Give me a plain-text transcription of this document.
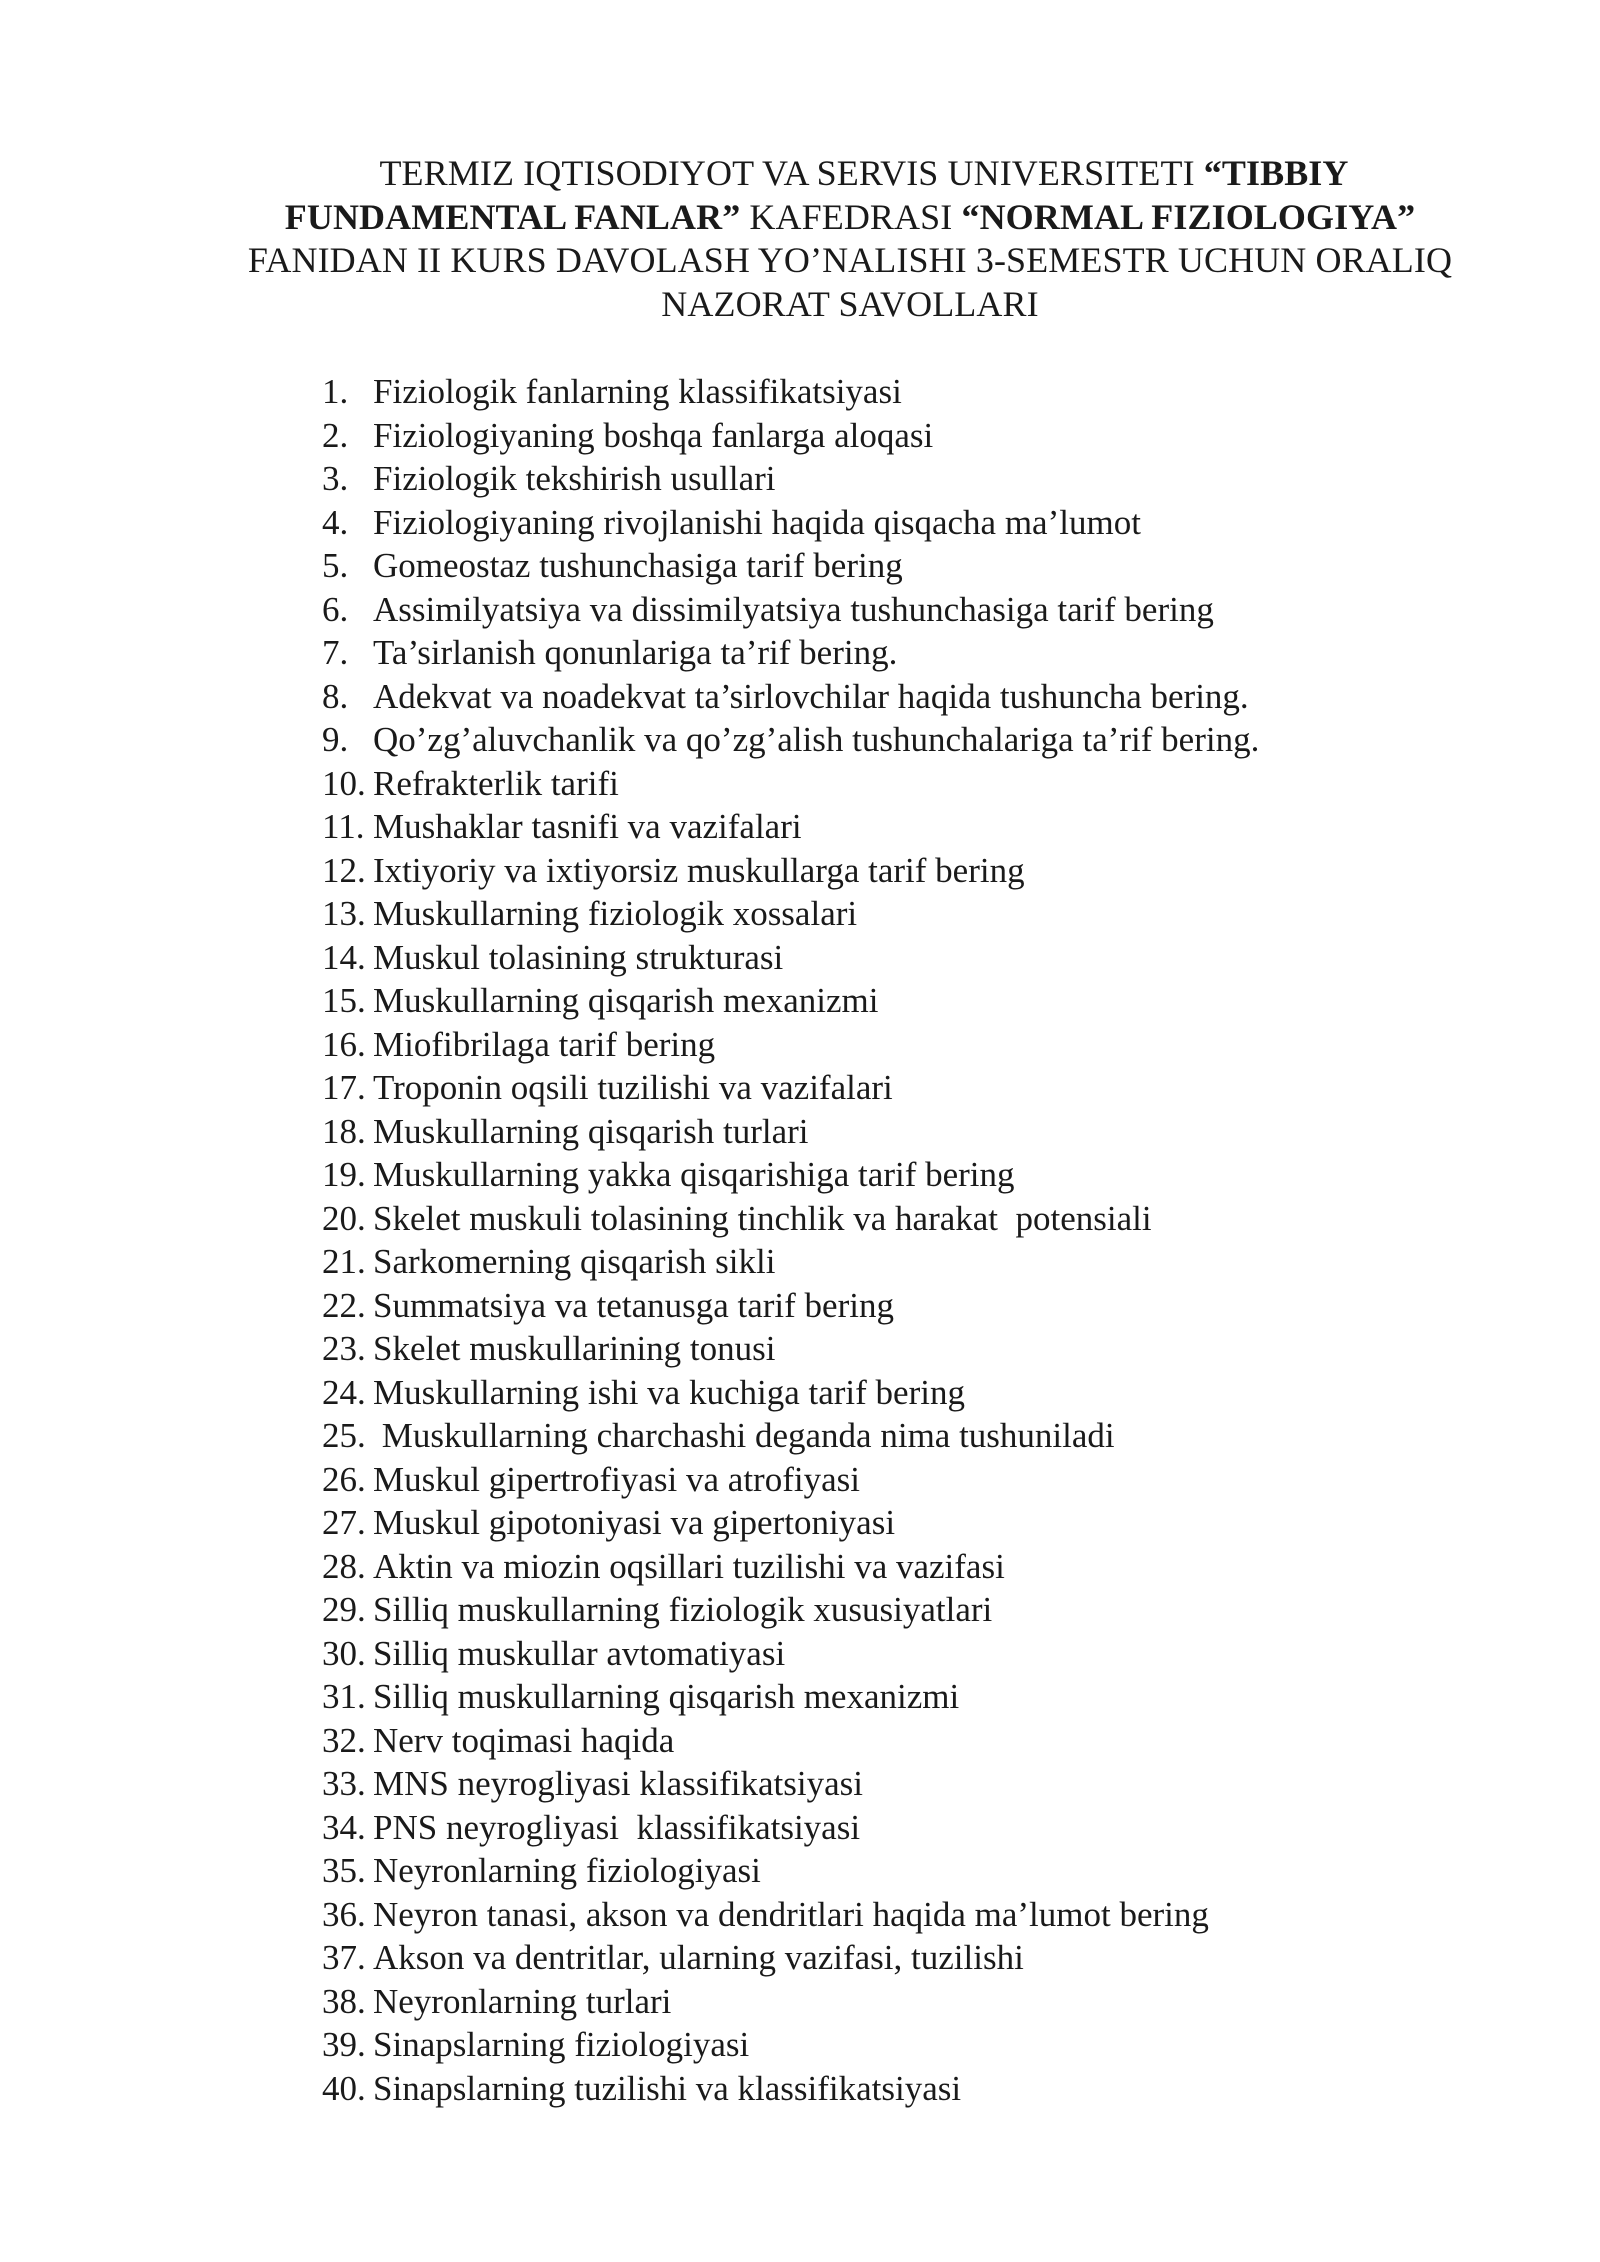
TERMIZ IQTISODIYOT VA SERVIS UNIVERSITETI “TIBBIY
FUNDAMENTAL FANLAR” KAFEDRASI “NORMAL FIZIOLOGIYA”
FANIDAN II KURS DAVOLASH YO’NALISHI 3-SEMESTR UCHUN ORALIQ
NAZORAT SAVOLLARI
1. Fiziologik fanlarning klassifikatsiyasi
2. Fiziologiyaning boshqa fanlarga aloqasi
3. Fiziologik tekshirish usullari
4. Fiziologiyaning rivojlanishi haqida qisqacha ma’lumot
5. Gomeostaz tushunchasiga tarif bering
6. Assimilyatsiya va dissimilyatsiya tushunchasiga tarif bering
7. Ta’sirlanish qonunlariga ta’rif bering.
8. Adekvat va noadekvat ta’sirlovchilar haqida tushuncha bering.
9. Qo’zg’aluvchanlik va qo’zg’alish tushunchalariga ta’rif bering.
10. Refrakterlik tarifi
11. Mushaklar tasnifi va vazifalari
12. Ixtiyoriy va ixtiyorsiz muskullarga tarif bering
13. Muskullarning fiziologik xossalari
14. Muskul tolasining strukturasi
15. Muskullarning qisqarish mexanizmi
16. Miofibrilaga tarif bering
17. Troponin oqsili tuzilishi va vazifalari
18. Muskullarning qisqarish turlari
19. Muskullarning yakka qisqarishiga tarif bering
20. Skelet muskuli tolasining tinchlik va harakat  potensiali
21. Sarkomerning qisqarish sikli
22. Summatsiya va tetanusga tarif bering
23. Skelet muskullarining tonusi
24. Muskullarning ishi va kuchiga tarif bering
25. Muskullarning charchashi deganda nima tushuniladi
26. Muskul gipertrofiyasi va atrofiyasi
27. Muskul gipotoniyasi va gipertoniyasi
28. Aktin va miozin oqsillari tuzilishi va vazifasi
29. Silliq muskullarning fiziologik xususiyatlari
30. Silliq muskullar avtomatiyasi
31. Silliq muskullarning qisqarish mexanizmi
32. Nerv toqimasi haqida
33. MNS neyrogliyasi klassifikatsiyasi
34. PNS neyrogliyasi  klassifikatsiyasi
35. Neyronlarning fiziologiyasi
36. Neyron tanasi, akson va dendritlari haqida ma’lumot bering
37. Akson va dentritlar, ularning vazifasi, tuzilishi
38. Neyronlarning turlari
39. Sinapslarning fiziologiyasi
40. Sinapslarning tuzilishi va klassifikatsiyasi
